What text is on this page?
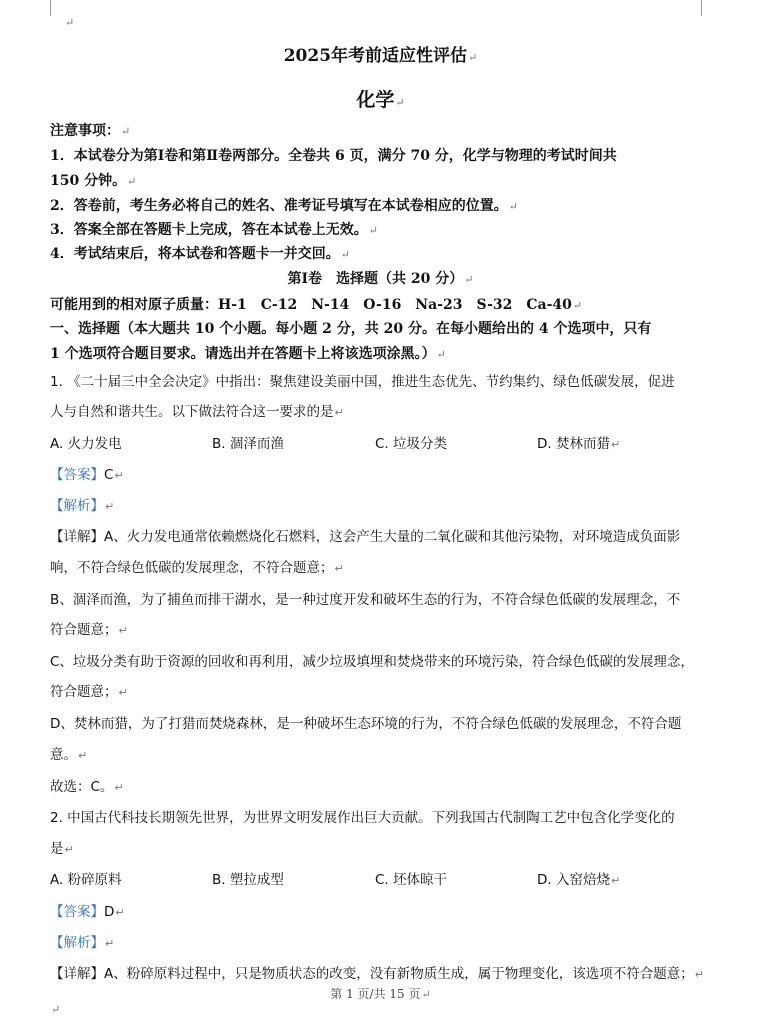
↵
2025年考前适应性评估↵
化学↵
注意事项：↵
1．本试卷分为第Ⅰ卷和第Ⅱ卷两部分。全卷共 6 页，满分 70 分，化学与物理的考试时间共
150 分钟。↵
2．答卷前，考生务必将自己的姓名、准考证号填写在本试卷相应的位置。↵
3．答案全部在答题卡上完成，答在本试卷上无效。↵
4．考试结束后，将本试卷和答题卡一并交回。↵
第Ⅰ卷　选择题（共 20 分）↵
可能用到的相对原子质量：H-1　C-12　N-14　O-16　Na-23　S-32　Ca-40↵
一、选择题（本大题共 10 个小题。每小题 2 分，共 20 分。在每小题给出的 4 个选项中，只有
1 个选项符合题目要求。请选出并在答题卡上将该选项涂黑。）↵
1. 《二十届三中全会决定》中指出：聚焦建设美丽中国，推进生态优先、节约集约、绿色低碳发展，促进
人与自然和谐共生。以下做法符合这一要求的是↵
A. 火力发电	B. 涸泽而渔	C. 垃圾分类	D. 焚林而猎↵
【答案】C↵
【解析】↵
【详解】A、火力发电通常依赖燃烧化石燃料，这会产生大量的二氧化碳和其他污染物，对环境造成负面影
响，不符合绿色低碳的发展理念，不符合题意；↵
B、涸泽而渔，为了捕鱼而排干湖水，是一种过度开发和破坏生态的行为，不符合绿色低碳的发展理念，不
符合题意；↵
C、垃圾分类有助于资源的回收和再利用，减少垃圾填埋和焚烧带来的环境污染，符合绿色低碳的发展理念，
符合题意；↵
D、焚林而猎，为了打猎而焚烧森林，是一种破坏生态环境的行为，不符合绿色低碳的发展理念，不符合题
意。↵
故选：C。↵
2. 中国古代科技长期领先世界，为世界文明发展作出巨大贡献。下列我国古代制陶工艺中包含化学变化的
是↵
A. 粉碎原料	B. 塑拉成型	C. 坯体晾干	D. 入窑焙烧↵
【答案】D↵
【解析】↵
【详解】A、粉碎原料过程中，只是物质状态的改变，没有新物质生成，属于物理变化，该选项不符合题意；↵
第 1 页/共 15 页↵
↵
